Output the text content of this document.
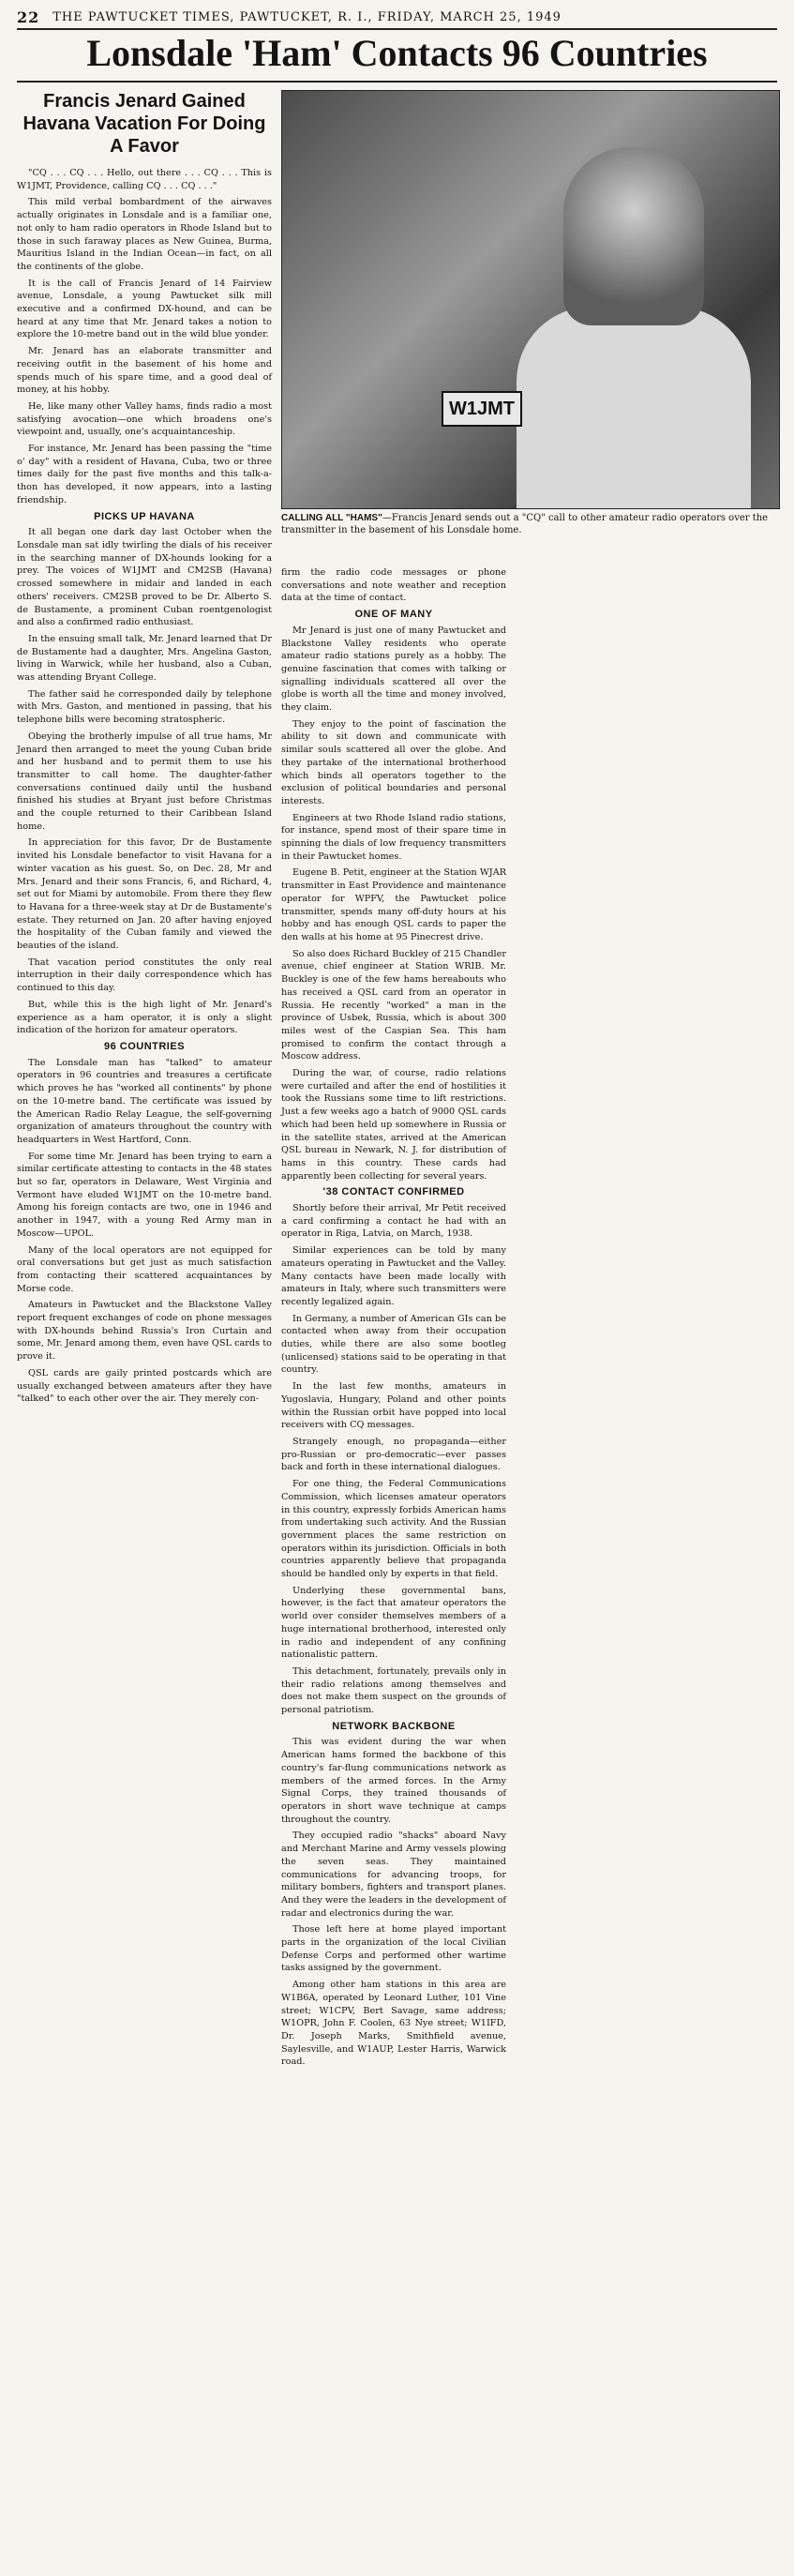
22 THE PAWTUCKET TIMES, PAWTUCKET, R. I., FRIDAY, MARCH 25, 1949
Lonsdale 'Ham' Contacts 96 Countries
W1JMT
CALLING ALL "HAMS"—Francis Jenard sends out a "CQ" call to other amateur radio operators over the transmitter in the basement of his Lonsdale home.
Francis Jenard Gained Havana Vacation For Doing A Favor

"CQ . . . CQ . . . Hello, out there . . . CQ . . . This is W1JMT, Providence, calling CQ . . . CQ . . ."

This mild verbal bombardment of the airwaves actually originates in Lonsdale and is a familiar one, not only to ham radio operators in Rhode Island but to those in such faraway places as New Guinea, Burma, Mauritius Island in the Indian Ocean—in fact, on all the continents of the globe.

It is the call of Francis Jenard of 14 Fairview avenue, Lonsdale, a young Pawtucket silk mill executive and a confirmed DX-hound, and can be heard at any time that Mr. Jenard takes a notion to explore the 10-metre band out in the wild blue yonder.

Mr. Jenard has an elaborate transmitter and receiving outfit in the basement of his home and spends much of his spare time, and a good deal of money, at his hobby.

He, like many other Valley hams, finds radio a most satisfying avocation—one which broadens one's viewpoint and, usually, one's acquaintanceship.

For instance, Mr. Jenard has been passing the "time o' day" with a resident of Havana, Cuba, two or three times daily for the past five months and this talk-a-thon has developed, it now appears, into a lasting friendship.

PICKS UP HAVANA

It all began one dark day last October when the Lonsdale man sat idly twirling the dials of his receiver in the searching manner of DX-hounds looking for a prey. The voices of W1JMT and CM2SB (Havana) crossed somewhere in midair and landed in each others' receivers. CM2SB proved to be Dr. Alberto S. de Bustamente, a prominent Cuban roentgenologist and also a confirmed radio enthusiast.

In the ensuing small talk, Mr. Jenard learned that Dr de Bustamente had a daughter, Mrs. Angelina Gaston, living in Warwick, while her husband, also a Cuban, was attending Bryant College.

The father said he corresponded daily by telephone with Mrs. Gaston, and mentioned in passing, that his telephone bills were becoming stratospheric.

Obeying the brotherly impulse of all true hams, Mr Jenard then arranged to meet the young Cuban bride and her husband and to permit them to use his transmitter to call home. The daughter-father conversations continued daily until the husband finished his studies at Bryant just before Christmas and the couple returned to their Caribbean Island home.

In appreciation for this favor, Dr de Bustamente invited his Lonsdale benefactor to visit Havana for a winter vacation as his guest. So, on Dec. 28, Mr and Mrs. Jenard and their sons Francis, 6, and Richard, 4, set out for Miami by automobile. From there they flew to Havana for a three-week stay at Dr de Bustamente's estate. They returned on Jan. 20 after having enjoyed the hospitality of the Cuban family and viewed the beauties of the island.

That vacation period constitutes the only real interruption in their daily correspondence which has continued to this day.

But, while this is the high light of Mr. Jenard's experience as a ham operator, it is only a slight indication of the horizon for amateur operators.

96 COUNTRIES

The Lonsdale man has "talked" to amateur operators in 96 countries and treasures a certificate which proves he has "worked all continents" by phone on the 10-metre band. The certificate was issued by the American Radio Relay League, the self-governing organization of amateurs throughout the country with headquarters in West Hartford, Conn.

For some time Mr. Jenard has been trying to earn a similar certificate attesting to contacts in the 48 states but so far, operators in Delaware, West Virginia and Vermont have eluded W1JMT on the 10-metre band. Among his foreign contacts are two, one in 1946 and another in 1947, with a young Red Army man in Moscow—UPOL.

Many of the local operators are not equipped for oral conversations but get just as much satisfaction from contacting their scattered acquaintances by Morse code.

Amateurs in Pawtucket and the Blackstone Valley report frequent exchanges of code on phone messages with DX-hounds behind Russia's Iron Curtain and some, Mr. Jenard among them, even have QSL cards to prove it.

QSL cards are gaily printed postcards which are usually exchanged between amateurs after they have "talked" to each other over the air. They merely con-

firm the radio code messages or phone conversations and note weather and reception data at the time of contact.

ONE OF MANY

Mr Jenard is just one of many Pawtucket and Blackstone Valley residents who operate amateur radio stations purely as a hobby. The genuine fascination that comes with talking or signalling individuals scattered all over the globe is worth all the time and money involved, they claim.

They enjoy to the point of fascination the ability to sit down and communicate with similar souls scattered all over the globe. And they partake of the international brotherhood which binds all operators together to the exclusion of political boundaries and personal interests.

Engineers at two Rhode Island radio stations, for instance, spend most of their spare time in spinning the dials of low frequency transmitters in their Pawtucket homes.

Eugene B. Petit, engineer at the Station WJAR transmitter in East Providence and maintenance operator for WPFV, the Pawtucket police transmitter, spends many off-duty hours at his hobby and has enough QSL cards to paper the den walls at his home at 95 Pinecrest drive.

So also does Richard Buckley of 215 Chandler avenue, chief engineer at Station WRIB. Mr. Buckley is one of the few hams hereabouts who has received a QSL card from an operator in Russia. He recently "worked" a man in the province of Usbek, Russia, which is about 300 miles west of the Caspian Sea. This ham promised to confirm the contact through a Moscow address.

During the war, of course, radio relations were curtailed and after the end of hostilities it took the Russians some time to lift restrictions. Just a few weeks ago a batch of 9000 QSL cards which had been held up somewhere in Russia or in the satellite states, arrived at the American QSL bureau in Newark, N. J. for distribution of hams in this country. These cards had apparently been collecting for several years.

'38 CONTACT CONFIRMED

Shortly before their arrival, Mr Petit received a card confirming a contact he had with an operator in Riga, Latvia, on March, 1938.

Similar experiences can be told by many amateurs operating in Pawtucket and the Valley. Many contacts have been made locally with amateurs in Italy, where such transmitters were recently legalized again.

In Germany, a number of American GIs can be contacted when away from their occupation duties, while there are also some bootleg (unlicensed) stations said to be operating in that country.

In the last few months, amateurs in Yugoslavia, Hungary, Poland and other points within the Russian orbit have popped into local receivers with CQ messages.

Strangely enough, no propaganda—either pro-Russian or pro-democratic—ever passes back and forth in these international dialogues.

For one thing, the Federal Communications Commission, which licenses amateur operators in this country, expressly forbids American hams from undertaking such activity. And the Russian government places the same restriction on operators within its jurisdiction. Officials in both countries apparently believe that propaganda should be handled only by experts in that field.

Underlying these governmental bans, however, is the fact that amateur operators the world over consider themselves members of a huge international brotherhood, interested only in radio and independent of any confining nationalistic pattern.

This detachment, fortunately, prevails only in their radio relations among themselves and does not make them suspect on the grounds of personal patriotism.

NETWORK BACKBONE

This was evident during the war when American hams formed the backbone of this country's far-flung communications network as members of the armed forces. In the Army Signal Corps, they trained thousands of operators in short wave technique at camps throughout the country.

They occupied radio "shacks" aboard Navy and Merchant Marine and Army vessels plowing the seven seas. They maintained communications for advancing troops, for military bombers, fighters and transport planes. And they were the leaders in the development of radar and electronics during the war.

Those left here at home played important parts in the organization of the local Civilian Defense Corps and performed other wartime tasks assigned by the government.

Among other ham stations in this area are W1B6A, operated by Leonard Luther, 101 Vine street; W1CPV, Bert Savage, same address; W1OPR, John F. Coolen, 63 Nye street; W1IFD, Dr. Joseph Marks, Smithfield avenue, Saylesville, and W1AUP, Lester Harris, Warwick road.
